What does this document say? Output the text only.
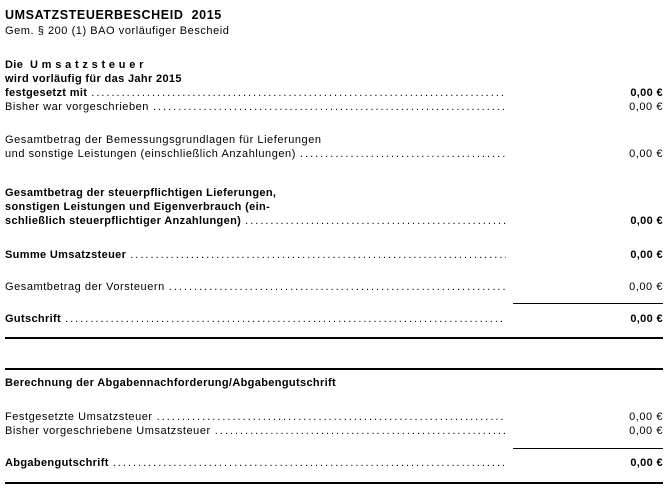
UMSATZSTEUERBESCHEID  2015
Gem. § 200 (1) BAO vorläufiger Bescheid
Die  U m s a t z s t e u e r
wird vorläufig für das Jahr 2015
festgesetzt mit .....	0,00 €
Bisher war vorgeschrieben .....	0,00 €
Gesamtbetrag der Bemessungsgrundlagen für Lieferungen
und sonstige Leistungen (einschließlich Anzahlungen) .....	0,00 €
Gesamtbetrag der steuerpflichtigen Lieferungen,
sonstigen Leistungen und Eigenverbrauch (ein-
schließlich steuerpflichtiger Anzahlungen) .....	0,00 €
Summe Umsatzsteuer .....	0,00 €
Gesamtbetrag der Vorsteuern .....	0,00 €
Gutschrift .....	0,00 €
Berechnung der Abgabennachforderung/Abgabengutschrift
Festgesetzte Umsatzsteuer .....	0,00 €
Bisher vorgeschriebene Umsatzsteuer .....	0,00 €
Abgabengutschrift .....	0,00 €
